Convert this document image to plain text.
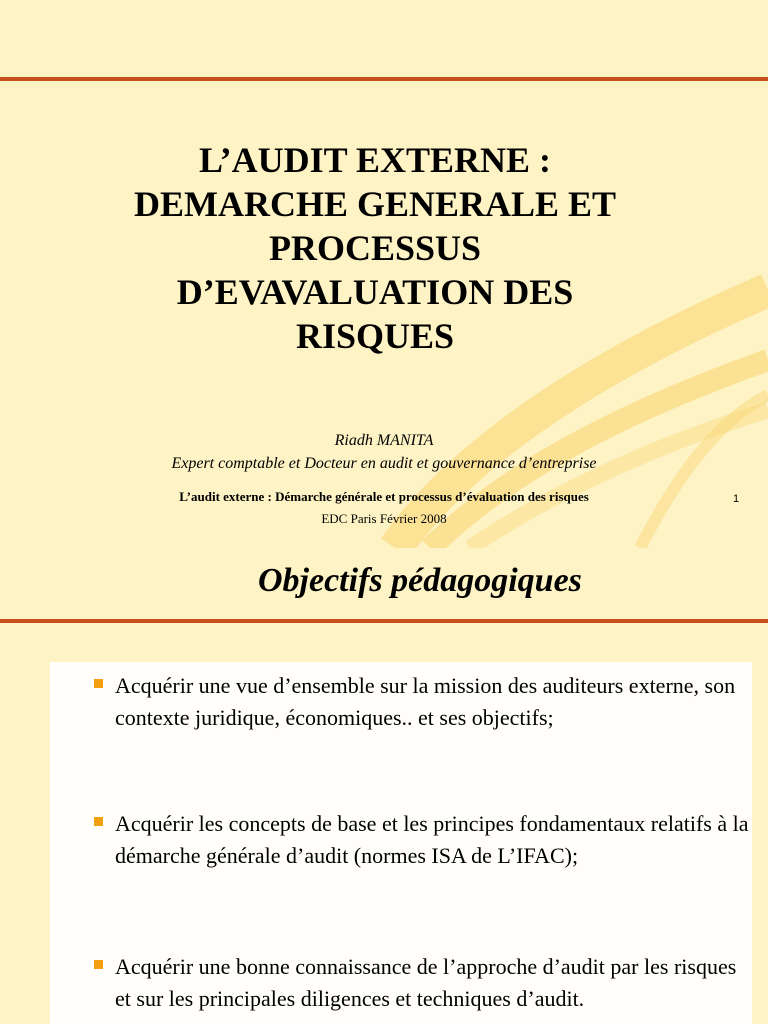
L’AUDIT EXTERNE :
DEMARCHE GENERALE ET
PROCESSUS
D’EVAVALUATION DES
RISQUES
Riadh MANITA
Expert comptable et Docteur en audit et gouvernance d’entreprise
L’audit externe : Démarche générale et processus d’évaluation des risques
EDC Paris Février 2008
1
Objectifs pédagogiques
Acquérir une vue d’ensemble sur la mission des auditeurs externe, son contexte juridique, économiques.. et ses objectifs;
Acquérir les concepts de base et les principes fondamentaux relatifs à la démarche générale d’audit (normes ISA de L’IFAC);
Acquérir une bonne connaissance de l’approche d’audit par les risques et sur les principales diligences et techniques d’audit.
